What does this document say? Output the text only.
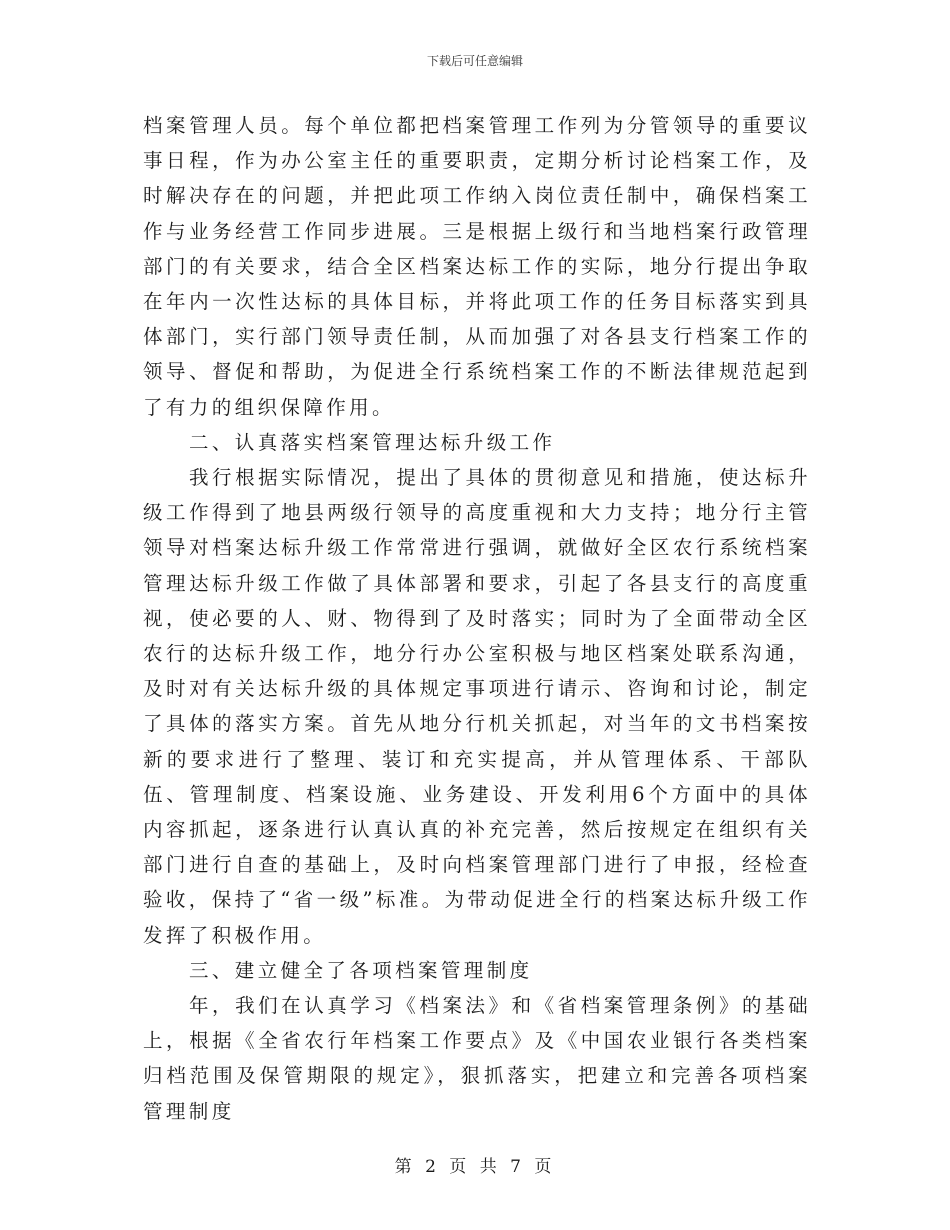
下载后可任意编辑

档案管理人员。每个单位都把档案管理工作列为分管领导的重要议事日程，作为办公室主任的重要职责，定期分析讨论档案工作，及时解决存在的问题，并把此项工作纳入岗位责任制中，确保档案工作与业务经营工作同步进展。三是根据上级行和当地档案行政管理部门的有关要求，结合全区档案达标工作的实际，地分行提出争取在年内一次性达标的具体目标，并将此项工作的任务目标落实到具体部门，实行部门领导责任制，从而加强了对各县支行档案工作的领导、督促和帮助，为促进全行系统档案工作的不断法律规范起到了有力的组织保障作用。

二、认真落实档案管理达标升级工作

我行根据实际情况，提出了具体的贯彻意见和措施，使达标升级工作得到了地县两级行领导的高度重视和大力支持；地分行主管领导对档案达标升级工作常常进行强调，就做好全区农行系统档案管理达标升级工作做了具体部署和要求，引起了各县支行的高度重视，使必要的人、财、物得到了及时落实；同时为了全面带动全区农行的达标升级工作，地分行办公室积极与地区档案处联系沟通，及时对有关达标升级的具体规定事项进行请示、咨询和讨论，制定了具体的落实方案。首先从地分行机关抓起，对当年的文书档案按新的要求进行了整理、装订和充实提高，并从管理体系、干部队伍、管理制度、档案设施、业务建设、开发利用6个方面中的具体内容抓起，逐条进行认真认真的补充完善，然后按规定在组织有关部门进行自查的基础上，及时向档案管理部门进行了申报，经检查验收，保持了“省一级”标准。为带动促进全行的档案达标升级工作发挥了积极作用。

三、建立健全了各项档案管理制度

年，我们在认真学习《档案法》和《省档案管理条例》的基础上，根据《全省农行年档案工作要点》及《中国农业银行各类档案归档范围及保管期限的规定》，狠抓落实，把建立和完善各项档案管理制度

第 2 页 共 7 页
